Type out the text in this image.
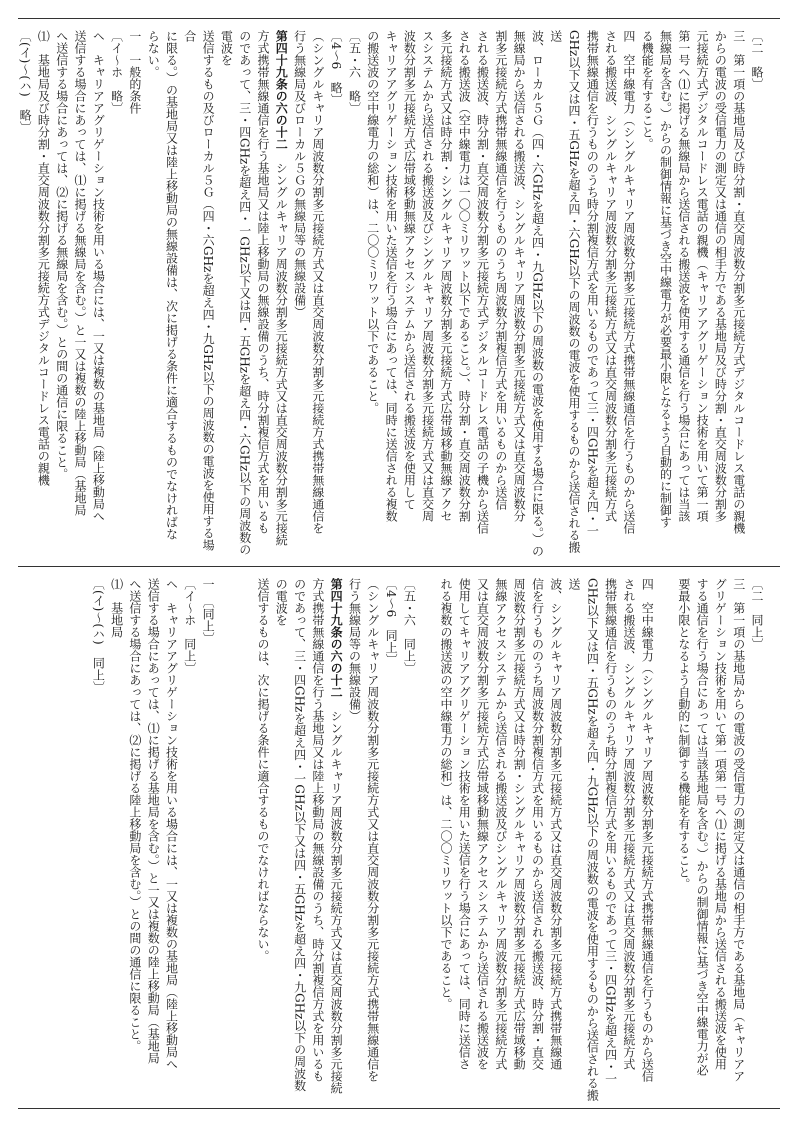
〔二　略〕

三　第一項の基地局及び時分割・直交周波数分割多元接続方式デジタルコードレス電話の親機

からの電波の受信電力の測定又は通信の相手方である基地局及び時分割・直交周波数分割多

元接続方式デジタルコードレス電話の親機（キャリアアグリゲーション技術を用いて第一項

第一号ヘ⑴に掲げる無線局から送信される搬送波を使用する通信を行う場合にあっては当該

無線局を含む。）からの制御情報に基づき空中線電力が必要最小限となるよう自動的に制御す

る機能を有すること。

四　空中線電力（シングルキャリア周波数分割多元接続方式携帯無線通信を行うものから送信

される搬送波、シングルキャリア周波数分割多元接続方式又は直交周波数分割多元接続方式

携帯無線通信を行うもののうち時分割複信方式を用いるものであって三・四GHzを超え四・一

GHz以下又は四・五GHzを超え四・六GHz以下の周波数の電波を使用するものから送信される搬送

波、ローカル５Ｇ（四・六GHzを超え四・九GHz以下の周波数の電波を使用する場合に限る。）の

無線局から送信される搬送波、シングルキャリア周波数分割多元接続方式又は直交周波数分

割多元接続方式携帯無線通信を行うもののうち周波数分割複信方式を用いるものから送信

される搬送波、時分割・直交周波数分割多元接続方式デジタルコードレス電話の子機から送信

される搬送波（空中線電力は一〇〇ミリワット以下であること。）、時分割・直交周波数分割

多元接続方式又は時分割・シングルキャリア周波数分割多元接続方式広帯域移動無線アクセ

スシステムから送信される搬送波及びシングルキャリア周波数分割多元接続方式又は直交周

波数分割多元接続方式広帯域移動無線アクセスシステムから送信される搬送波を使用して

キャリアアグリゲーション技術を用いた送信を行う場合にあっては、同時に送信される複数

の搬送波の空中線電力の総和）は、二〇〇ミリワット以下であること。

〔五・六　略〕

〔4〜6　略〕

（シングルキャリア周波数分割多元接続方式又は直交周波数分割多元接続方式携帯無線通信を

行う無線局及びローカル５Ｇの無線局等の無線設備）

第四十九条の六の十二　シングルキャリア周波数分割多元接続方式又は直交周波数分割多元接続

方式携帯無線通信を行う基地局又は陸上移動局の無線設備のうち、時分割複信方式を用いるも

のであって、三・四GHzを超え四・一GHz以下又は四・五GHzを超え四・六GHz以下の周波数の電波を

送信するもの及びローカル５Ｇ（四・六GHzを超え四・九GHz以下の周波数の電波を使用する場合

に限る。）の基地局又は陸上移動局の無線設備は、次に掲げる条件に適合するものでなければな

らない。

一　一般的条件

〔イ〜ホ　略〕

ヘ　キャリアアグリゲーション技術を用いる場合には、一又は複数の基地局（陸上移動局へ

送信する場合にあっては、⑴に掲げる無線局を含む。）と一又は複数の陸上移動局（基地局

へ送信する場合にあっては、⑵に掲げる無線局を含む。）との間の通信に限ること。

⑴　基地局及び時分割・直交周波数分割多元接続方式デジタルコードレス電話の親機

〔(イ)〜(ハ)　略〕

〔二　同上〕

三　第一項の基地局からの電波の受信電力の測定又は通信の相手方である基地局（キャリアア

グリゲーション技術を用いて第一項第一号ヘ⑴に掲げる基地局から送信される搬送波を使用

する通信を行う場合にあっては当該基地局を含む。）からの制御情報に基づき空中線電力が必

要最小限となるよう自動的に制御する機能を有すること。

四　空中線電力（シングルキャリア周波数分割多元接続方式携帯無線通信を行うものから送信

される搬送波、シングルキャリア周波数分割多元接続方式又は直交周波数分割多元接続方式

携帯無線通信を行うもののうち時分割複信方式を用いるものであって三・四GHzを超え四・一

GHz以下又は四・五GHzを超え四・九GHz以下の周波数の電波を使用するものから送信される搬送

波、シングルキャリア周波数分割多元接続方式又は直交周波数分割多元接続方式携帯無線通

信を行うもののうち周波数分割複信方式を用いるものから送信される搬送波、時分割・直交

周波数分割多元接続方式又は時分割・シングルキャリア周波数分割多元接続方式広帯域移動

無線アクセスシステムから送信される搬送波及びシングルキャリア周波数分割多元接続方式

又は直交周波数分割多元接続方式広帯域移動無線アクセスシステムから送信される搬送波を

使用してキャリアアグリゲーション技術を用いた送信を行う場合にあっては、同時に送信さ

れる複数の搬送波の空中線電力の総和）は、二〇〇ミリワット以下であること。

〔五・六　同上〕

〔4〜6　同上〕

（シングルキャリア周波数分割多元接続方式又は直交周波数分割多元接続方式携帯無線通信を

行う無線局等の無線設備）

第四十九条の六の十二　シングルキャリア周波数分割多元接続方式又は直交周波数分割多元接続

方式携帯無線通信を行う基地局又は陸上移動局の無線設備のうち、時分割複信方式を用いるも

のであって、三・四GHzを超え四・一GHz以下又は四・五GHzを超え四・九GHz以下の周波数の電波を

送信するものは、次に掲げる条件に適合するものでなければならない。

一　〔同上〕

〔イ〜ホ　同上〕

ヘ　キャリアアグリゲーション技術を用いる場合には、一又は複数の基地局（陸上移動局へ

送信する場合にあっては、⑴に掲げる基地局を含む。）と一又は複数の陸上移動局（基地局

へ送信する場合にあっては、⑵に掲げる陸上移動局を含む。）との間の通信に限ること。

⑴　基地局

〔(イ)〜(ハ)　同上〕
